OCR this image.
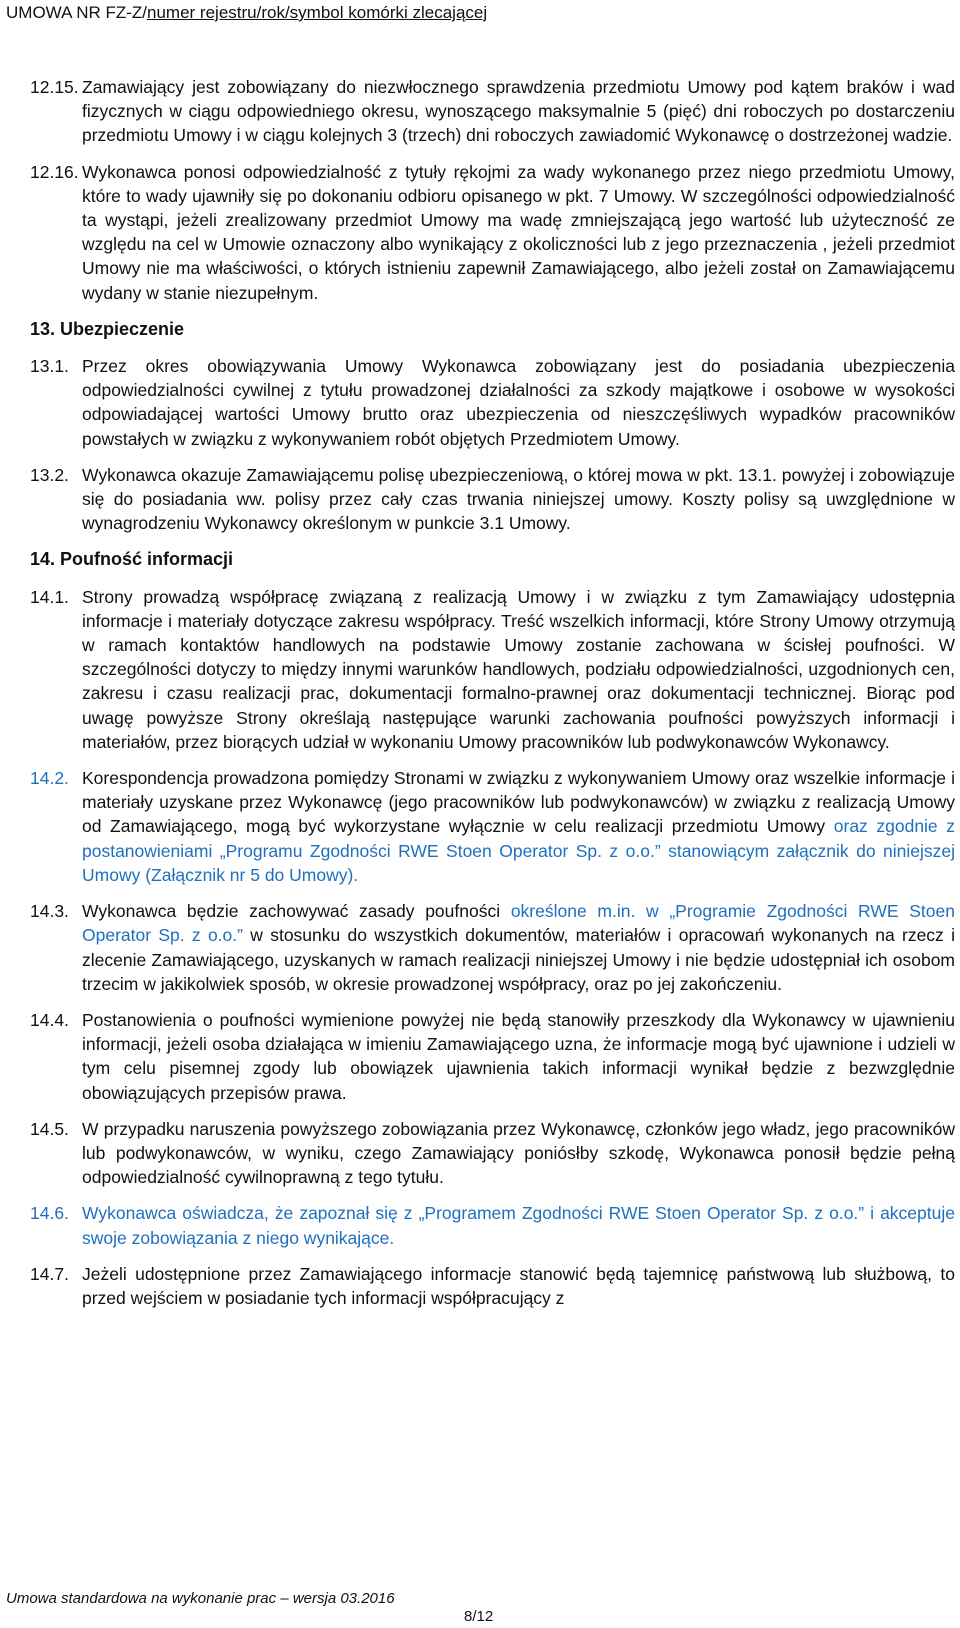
UMOWA NR FZ-Z/numer rejestru/rok/symbol komórki zlecającej
12.15. Zamawiający jest zobowiązany do niezwłocznego sprawdzenia przedmiotu Umowy pod kątem braków i wad fizycznych w ciągu odpowiedniego okresu, wynoszącego maksymalnie 5 (pięć) dni roboczych po dostarczeniu przedmiotu Umowy i w ciągu kolejnych 3 (trzech) dni roboczych zawiadomić Wykonawcę o dostrzeżonej wadzie.
12.16. Wykonawca ponosi odpowiedzialność z tytuły rękojmi za wady wykonanego przez niego przedmiotu Umowy, które to wady ujawniły się po dokonaniu odbioru opisanego w pkt. 7 Umowy. W szczególności odpowiedzialność ta wystąpi, jeżeli zrealizowany przedmiot Umowy ma wadę zmniejszającą jego wartość lub użyteczność ze względu na cel w Umowie oznaczony albo wynikający z okoliczności lub z jego przeznaczenia , jeżeli przedmiot Umowy nie ma właściwości, o których istnieniu zapewnił Zamawiającego, albo jeżeli został on Zamawiającemu wydany w stanie niezupełnym.
13. Ubezpieczenie
13.1. Przez okres obowiązywania Umowy Wykonawca zobowiązany jest do posiadania ubezpieczenia odpowiedzialności cywilnej z tytułu prowadzonej działalności za szkody majątkowe i osobowe w wysokości odpowiadającej wartości Umowy brutto oraz ubezpieczenia od nieszczęśliwych wypadków pracowników powstałych w związku z wykonywaniem robót objętych Przedmiotem Umowy.
13.2. Wykonawca okazuje Zamawiającemu polisę ubezpieczeniową, o której mowa w pkt. 13.1. powyżej i zobowiązuje się do posiadania ww. polisy przez cały czas trwania niniejszej umowy. Koszty polisy są uwzględnione w wynagrodzeniu Wykonawcy określonym w punkcie 3.1 Umowy.
14. Poufność informacji
14.1. Strony prowadzą współpracę związaną z realizacją Umowy i w związku z tym Zamawiający udostępnia informacje i materiały dotyczące zakresu współpracy. Treść wszelkich informacji, które Strony Umowy otrzymują w ramach kontaktów handlowych na podstawie Umowy zostanie zachowana w ścisłej poufności. W szczególności dotyczy to między innymi warunków handlowych, podziału odpowiedzialności, uzgodnionych cen, zakresu i czasu realizacji prac, dokumentacji formalno-prawnej oraz dokumentacji technicznej. Biorąc pod uwagę powyższe Strony określają następujące warunki zachowania poufności powyższych informacji i materiałów, przez biorących udział w wykonaniu Umowy pracowników lub podwykonawców Wykonawcy.
14.2. Korespondencja prowadzona pomiędzy Stronami w związku z wykonywaniem Umowy oraz wszelkie informacje i materiały uzyskane przez Wykonawcę (jego pracowników lub podwykonawców) w związku z realizacją Umowy od Zamawiającego, mogą być wykorzystane wyłącznie w celu realizacji przedmiotu Umowy oraz zgodnie z postanowieniami „Programu Zgodności RWE Stoen Operator Sp. z o.o.” stanowiącym załącznik do niniejszej Umowy (Załącznik nr 5 do Umowy).
14.3. Wykonawca będzie zachowywać zasady poufności określone m.in. w „Programie Zgodności RWE Stoen Operator Sp. z o.o.” w stosunku do wszystkich dokumentów, materiałów i opracowań wykonanych na rzecz i zlecenie Zamawiającego, uzyskanych w ramach realizacji niniejszej Umowy i nie będzie udostępniał ich osobom trzecim w jakikolwiek sposób, w okresie prowadzonej współpracy, oraz po jej zakończeniu.
14.4. Postanowienia o poufności wymienione powyżej nie będą stanowiły przeszkody dla Wykonawcy w ujawnieniu informacji, jeżeli osoba działająca w imieniu Zamawiającego uzna, że informacje mogą być ujawnione i udzieli w tym celu pisemnej zgody lub obowiązek ujawnienia takich informacji wynikał będzie z bezwzględnie obowiązujących przepisów prawa.
14.5. W przypadku naruszenia powyższego zobowiązania przez Wykonawcę, członków jego władz, jego pracowników lub podwykonawców, w wyniku, czego Zamawiający poniósłby szkodę, Wykonawca ponosił będzie pełną odpowiedzialność cywilnoprawną z tego tytułu.
14.6. Wykonawca oświadcza, że zapoznał się z „Programem Zgodności RWE Stoen Operator Sp. z o.o.” i akceptuje swoje zobowiązania z niego wynikające.
14.7. Jeżeli udostępnione przez Zamawiającego informacje stanowić będą tajemnicę państwową lub służbową, to przed wejściem w posiadanie tych informacji współpracujący z
Umowa standardowa na wykonanie prac – wersja 03.2016
8/12
